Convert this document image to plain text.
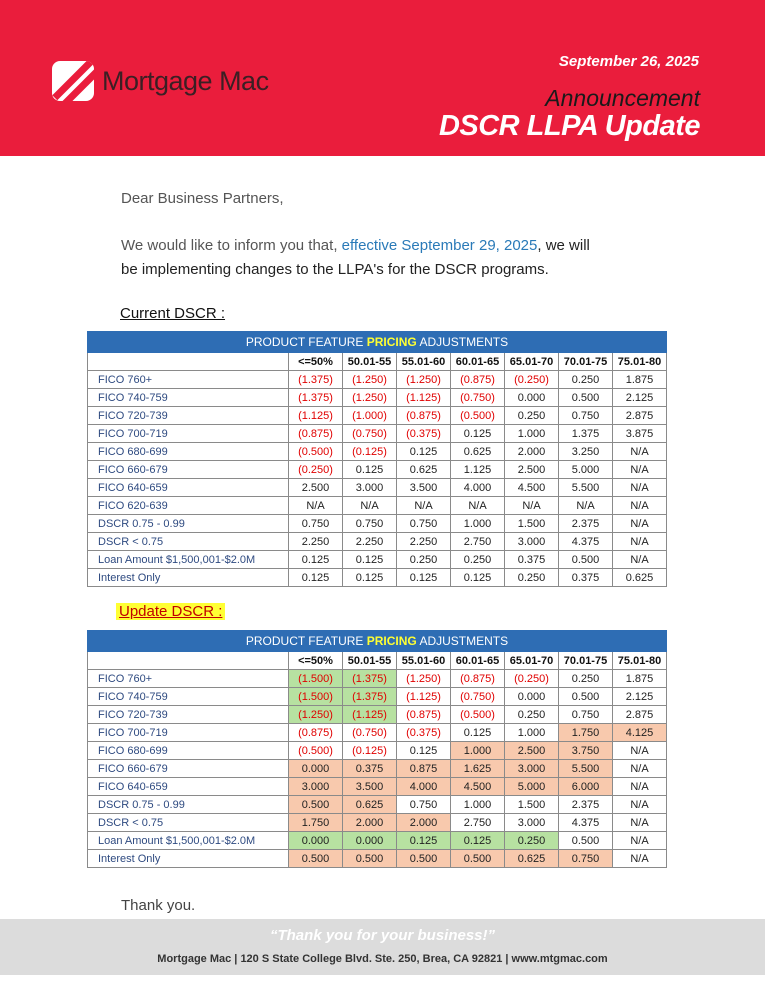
Mortgage Mac
September 26, 2025
Announcement
DSCR LLPA Update
Dear Business Partners,
We would like to inform you that, effective September 29, 2025, we will
be implementing changes to the LLPA's for the DSCR programs.
Current DSCR :
PRODUCT FEATURE PRICING ADJUSTMENTS							
	<=50%	50.01-55	55.01-60	60.01-65	65.01-70	70.01-75	75.01-80
FICO 760+	(1.375)	(1.250)	(1.250)	(0.875)	(0.250)	0.250	1.875
FICO 740-759	(1.375)	(1.250)	(1.125)	(0.750)	0.000	0.500	2.125
FICO 720-739	(1.125)	(1.000)	(0.875)	(0.500)	0.250	0.750	2.875
FICO 700-719	(0.875)	(0.750)	(0.375)	0.125	1.000	1.375	3.875
FICO 680-699	(0.500)	(0.125)	0.125	0.625	2.000	3.250	N/A
FICO 660-679	(0.250)	0.125	0.625	1.125	2.500	5.000	N/A
FICO 640-659	2.500	3.000	3.500	4.000	4.500	5.500	N/A
FICO 620-639	N/A	N/A	N/A	N/A	N/A	N/A	N/A
DSCR 0.75 - 0.99	0.750	0.750	0.750	1.000	1.500	2.375	N/A
DSCR < 0.75	2.250	2.250	2.250	2.750	3.000	4.375	N/A
Loan Amount $1,500,001-$2.0M	0.125	0.125	0.250	0.250	0.375	0.500	N/A
Interest Only	0.125	0.125	0.125	0.125	0.250	0.375	0.625
Update DSCR :
PRODUCT FEATURE PRICING ADJUSTMENTS							
	<=50%	50.01-55	55.01-60	60.01-65	65.01-70	70.01-75	75.01-80
FICO 760+	(1.500)	(1.375)	(1.250)	(0.875)	(0.250)	0.250	1.875
FICO 740-759	(1.500)	(1.375)	(1.125)	(0.750)	0.000	0.500	2.125
FICO 720-739	(1.250)	(1.125)	(0.875)	(0.500)	0.250	0.750	2.875
FICO 700-719	(0.875)	(0.750)	(0.375)	0.125	1.000	1.750	4.125
FICO 680-699	(0.500)	(0.125)	0.125	1.000	2.500	3.750	N/A
FICO 660-679	0.000	0.375	0.875	1.625	3.000	5.500	N/A
FICO 640-659	3.000	3.500	4.000	4.500	5.000	6.000	N/A
DSCR 0.75 - 0.99	0.500	0.625	0.750	1.000	1.500	2.375	N/A
DSCR < 0.75	1.750	2.000	2.000	2.750	3.000	4.375	N/A
Loan Amount $1,500,001-$2.0M	0.000	0.000	0.125	0.125	0.250	0.500	N/A
Interest Only	0.500	0.500	0.500	0.500	0.625	0.750	N/A
Thank you.
“Thank you for your business!”
Mortgage Mac | 120 S State College Blvd. Ste. 250, Brea, CA 92821 | www.mtgmac.com
